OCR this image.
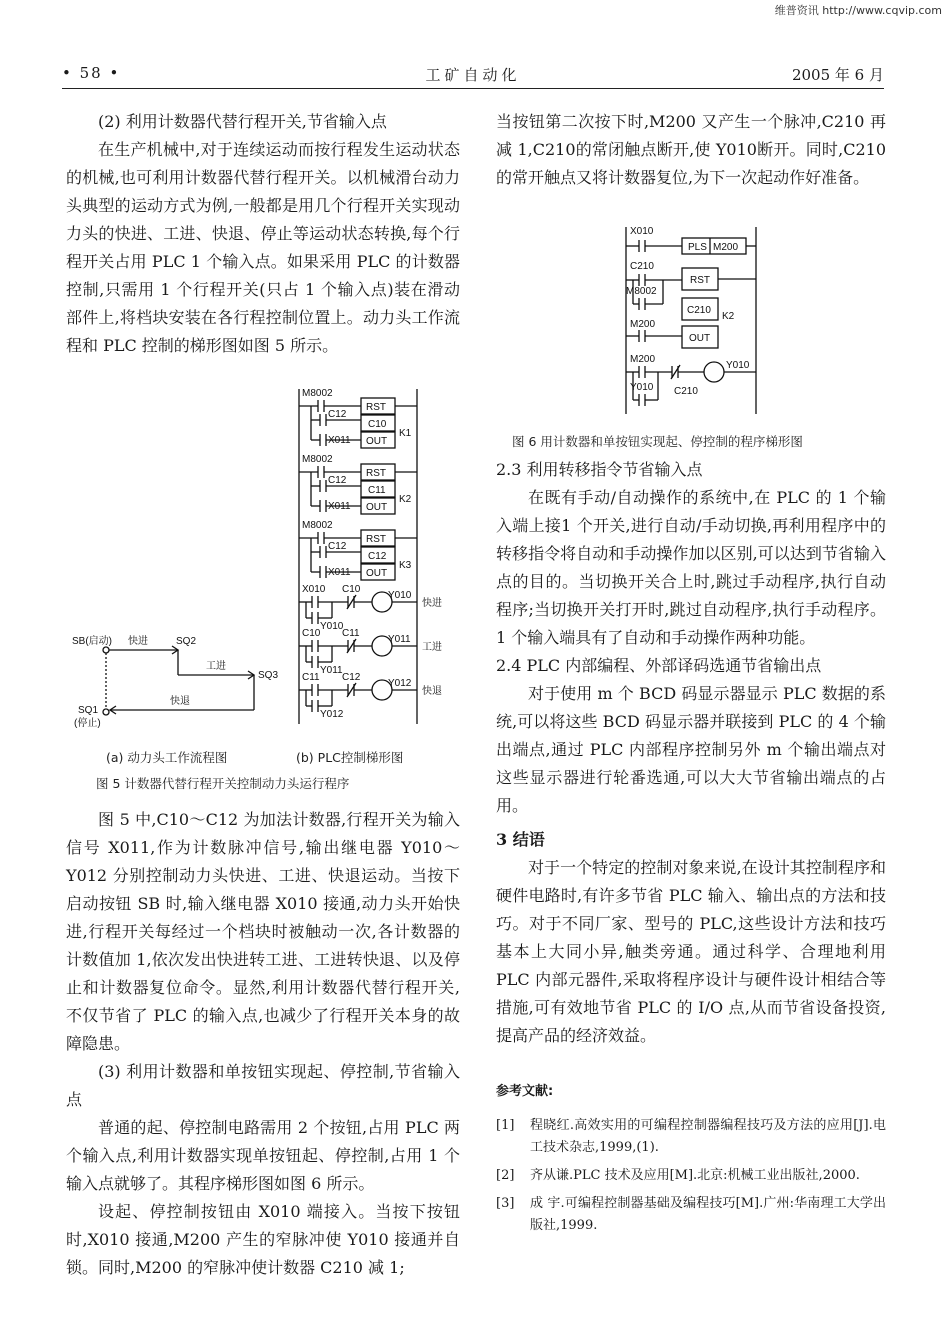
维普资讯 http://www.cqvip.com
• 58 •	工矿自动化	2005 年 6 月

(2) 利用计数器代替行程开关,节省输入点

在生产机械中,对于连续运动而按行程发生运动状态的机械,也可利用计数器代替行程开关。以机械滑台动力头典型的运动方式为例,一般都是用几个行程开关实现动力头的快进、工进、快退、停止等运动状态转换,每个行程开关占用 PLC 1 个输入点。如果采用 PLC 的计数器控制,只需用 1 个行程开关(只占 1 个输入点)装在滑动部件上,将档块安装在各行程控制位置上。动力头工作流程和 PLC 控制的梯形图如图 5 所示。

SB(启动) 快进	SQ2
工进
SQ3
快退
SQ1
(停止)
M8002
C12
X011
RST
C10
OUT
K1
M8002
C12
X011
RST
C11
OUT
K2
M8002
C12
X011
RST
C12
OUT
K3
X010 C10
Y010
Y010
快进
C10 C11
Y011
Y011
工进
C11 C12
Y012
Y012
快退
(a) 动力头工作流程图	(b) PLC控制梯形图
图 5 计数器代替行程开关控制动力头运行程序

图 5 中,C10～C12 为加法计数器,行程开关为输入信号 X011,作为计数脉冲信号,输出继电器 Y010～Y012 分别控制动力头快进、工进、快退运动。当按下启动按钮 SB 时,输入继电器 X010 接通,动力头开始快进,行程开关每经过一个档块时被触动一次,各计数器的计数值加 1,依次发出快进转工进、工进转快退、以及停止和计数器复位命令。显然,利用计数器代替行程开关,不仅节省了 PLC 的输入点,也减少了行程开关本身的故障隐患。

(3) 利用计数器和单按钮实现起、停控制,节省输入点

普通的起、停控制电路需用 2 个按钮,占用 PLC 两个输入点,利用计数器实现单按钮起、停控制,占用 1 个输入点就够了。其程序梯形图如图 6 所示。

设起、停控制按钮由 X010 端接入。当按下按钮时,X010 接通,M200 产生的窄脉冲使 Y010 接通并自锁。同时,M200 的窄脉冲使计数器 C210 减 1;

当按钮第二次按下时,M200 又产生一个脉冲,C210 再减 1,C210的常闭触点断开,使 Y010断开。同时,C210 的常开触点又将计数器复位,为下一次起动作好准备。

X010
PLS M200
C210
M8002
RST
C210
K2
M200
OUT
M200
Y010
Y010 C210
图 6 用计数器和单按钮实现起、停控制的程序梯形图

2.3 利用转移指令节省输入点

在既有手动/自动操作的系统中,在 PLC 的 1 个输入端上接1 个开关,进行自动/手动切换,再利用程序中的转移指令将自动和手动操作加以区别,可以达到节省输入点的目的。当切换开关合上时,跳过手动程序,执行自动程序;当切换开关打开时,跳过自动程序,执行手动程序。1 个输入端具有了自动和手动操作两种功能。

2.4 PLC 内部编程、外部译码选通节省输出点

对于使用 m 个 BCD 码显示器显示 PLC 数据的系统,可以将这些 BCD 码显示器并联接到 PLC 的 4 个输出端点,通过 PLC 内部程序控制另外 m 个输出端点对这些显示器进行轮番选通,可以大大节省输出端点的占用。

3 结语

对于一个特定的控制对象来说,在设计其控制程序和硬件电路时,有许多节省 PLC 输入、输出点的方法和技巧。对于不同厂家、型号的 PLC,这些设计方法和技巧基本上大同小异,触类旁通。通过科学、合理地利用 PLC 内部元器件,采取将程序设计与硬件设计相结合等措施,可有效地节省 PLC 的 I/O 点,从而节省设备投资,提高产品的经济效益。

参考文献:

[1] 程晓红.高效实用的可编程控制器编程技巧及方法的应用[J].电工技术杂志,1999,(1).

[2] 齐从谦.PLC 技术及应用[M].北京:机械工业出版社,2000.

[3] 成 宇.可编程控制器基础及编程技巧[M].广州:华南理工大学出版社,1999.
